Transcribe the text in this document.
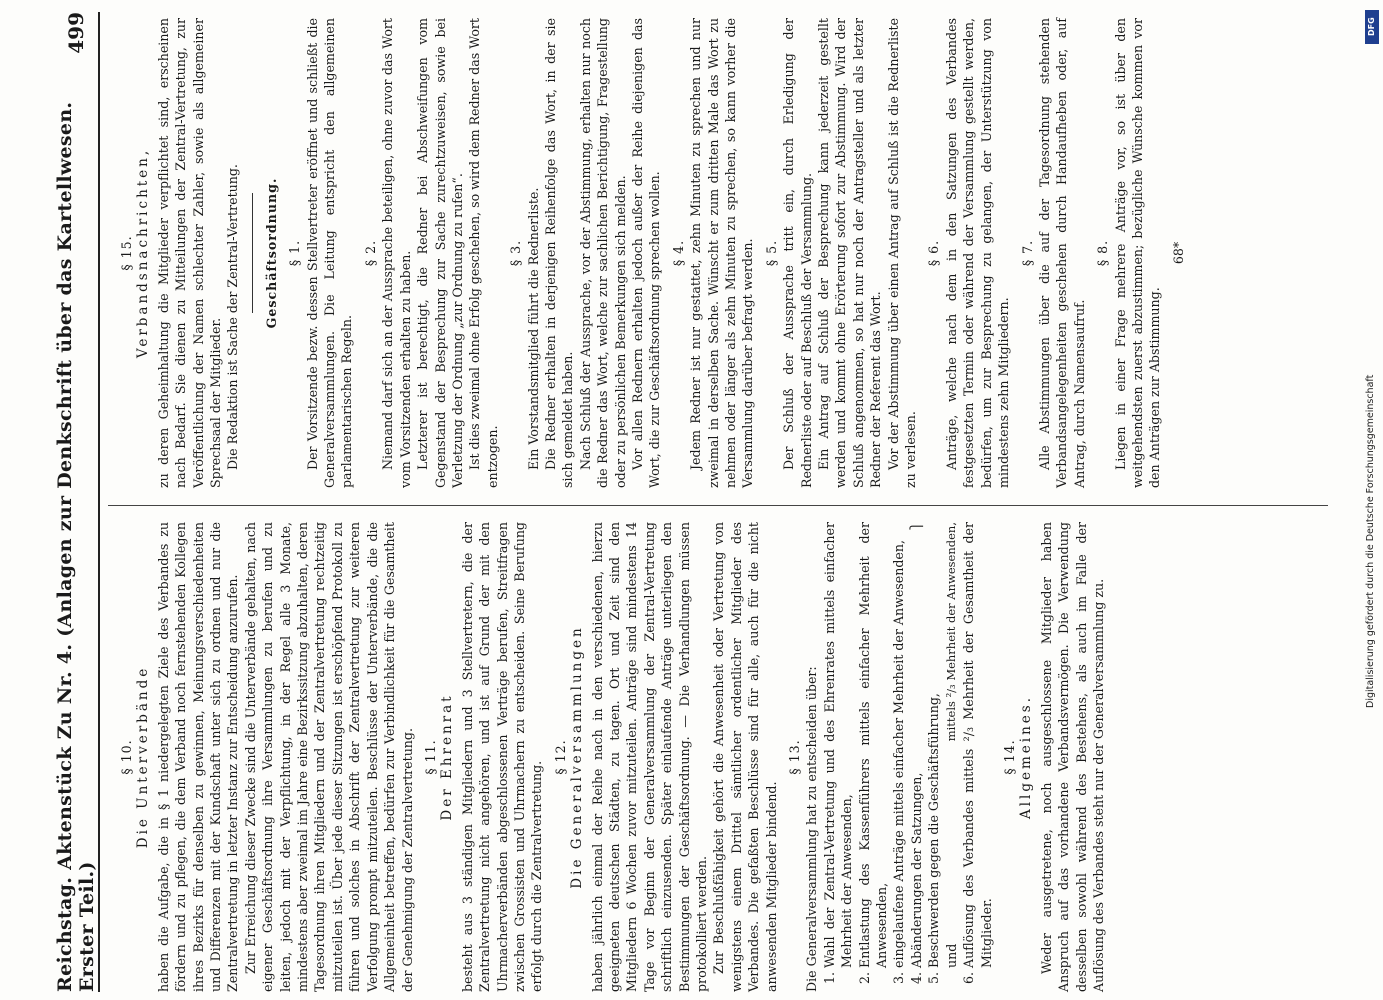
Reichstag. Aktenstück Zu Nr. 4. (Anlagen zur Denkschrift über das Kartellwesen. Erster Teil.)
499
§ 10. Die Unterverbände haben die Aufgabe, die in § 1 niedergelegten Ziele des Verbandes zu fördern und zu pflegen, die dem Verband noch fernstehenden Kollegen ihres Bezirks für denselben zu gewinnen, Meinungsverschiedenheiten und Differenzen mit der Kundschaft unter sich zu ordnen und nur die Zentralvertretung in letzter Instanz zur Entscheidung anzurufen. Zur Erreichung dieser Zwecke sind die Unterverbände gehalten, nach eigener Geschäftsordnung ihre Versammlungen zu berufen und zu leiten, jedoch mit der Verpflichtung, in der Regel alle 3 Monate, mindestens aber zweimal im Jahre eine Bezirkssitzung abzuhalten, deren Tagesordnung ihren Mitgliedern und der Zentralvertretung rechtzeitig mitzuteilen ist. Über jede dieser Sitzungen ist erschöpfend Protokoll zu führen und solches in Abschrift der Zentralvertretung zur weiteren Verfolgung prompt mitzuteilen. Beschlüsse der Unterverbände, die die Allgemeinheit betreffen, bedürfen zur Verbindlichkeit für die Gesamtheit der Genehmigung der Zentralvertretung. § 11. Der Ehrenrat besteht aus 3 ständigen Mitgliedern und 3 Stellvertretern, die der Zentralvertretung nicht angehören, und ist auf Grund der mit den Uhrmacherverbänden abgeschlossenen Verträge berufen, Streitfragen zwischen Grossisten und Uhrmachern zu entscheiden. Seine Berufung erfolgt durch die Zentralvertretung.

§ 12. Die Generalversammlungen haben jährlich einmal der Reihe nach in den verschiedenen, hierzu geeigneten deutschen Städten, zu tagen. Ort und Zeit sind den Mitgliedern 6 Wochen zuvor mitzuteilen. Anträge sind mindestens 14 Tage vor Beginn der Generalversammlung der Zentral-Vertretung schriftlich einzusenden. Später einlaufende Anträge unterliegen den Bestimmungen der Geschäftsordnung. — Die Verhandlungen müssen protokolliert werden. Zur Beschlußfähigkeit gehört die Anwesenheit oder Vertretung von wenigstens einem Drittel sämtlicher ordentlicher Mitglieder des Verbandes. Die gefaßten Beschlüsse sind für alle, auch für die nicht anwesenden Mitglieder bindend.

§ 13. Die Generalversammlung hat zu entscheiden über: 1. Wahl der Zentral-Vertretung und des Ehrenrates mittels einfacher Mehrheit der Anwesenden, 2. Entlastung des Kassenführers mittels einfacher Mehrheit der Anwesenden, 3. eingelaufene Anträge mittels einfacher Mehrheit der Anwesenden, 4. Abänderungen der Satzungen,
⎫
5. Beschwerden gegen die Geschäftsführung,
mittels ²/₃ Mehrheit der Anwesenden,
und 6. Auflösung des Verbandes mittels ²/₃ Mehrheit der Gesamtheit der Mitglieder.
§ 14. Allgemeines. Weder ausgetretene, noch ausgeschlossene Mitglieder haben Anspruch auf das vorhandene Verbandsvermögen. Die Verwendung desselben sowohl während des Bestehens, als auch im Falle der Auflösung des Verbandes steht nur der Generalversammlung zu.

§ 15. Verbandsnachrichten, zu deren Geheimhaltung die Mitglieder verpflichtet sind, erscheinen nach Bedarf. Sie dienen zu Mitteilungen der Zentral-Vertretung, zur Veröffentlichung der Namen schlechter Zahler, sowie als allgemeiner Sprechsaal der Mitglieder. Die Redaktion ist Sache der Zentral-Vertretung. Geschäftsordnung. § 1. Der Vorsitzende bezw. dessen Stellvertreter eröffnet und schließt die Generalversammlungen. Die Leitung entspricht den allgemeinen parlamentarischen Regeln.

§ 2. Niemand darf sich an der Aussprache beteiligen, ohne zuvor das Wort vom Vorsitzenden erhalten zu haben. Letzterer ist berechtigt, die Redner bei Abschweifungen vom Gegenstand der Besprechung zur Sache zurechtzuweisen, sowie bei Verletzung der Ordnung „zur Ordnung zu rufen“. Ist dies zweimal ohne Erfolg geschehen, so wird dem Redner das Wort entzogen.

§ 3. Ein Vorstandsmitglied führt die Rednerliste. Die Redner erhalten in derjenigen Reihenfolge das Wort, in der sie sich gemeldet haben. Nach Schluß der Aussprache, vor der Abstimmung, erhalten nur noch die Redner das Wort, welche zur sachlichen Berichtigung, Fragestellung oder zu persönlichen Bemerkungen sich melden. Vor allen Rednern erhalten jedoch außer der Reihe diejenigen das Wort, die zur Geschäftsordnung sprechen wollen. § 4. Jedem Redner ist nur gestattet, zehn Minuten zu sprechen und nur zweimal in derselben Sache. Wünscht er zum dritten Male das Wort zu nehmen oder länger als zehn Minuten zu sprechen, so kann vorher die Versammlung darüber befragt werden. § 5. Der Schluß der Aussprache tritt ein, durch Erledigung der Rednerliste oder auf Beschluß der Versammlung. Ein Antrag auf Schluß der Besprechung kann jederzeit gestellt werden und kommt ohne Erörterung sofort zur Abstimmung. Wird der Schluß angenommen, so hat nur noch der Antragsteller und als letzter Redner der Referent das Wort. Vor der Abstimmung über einen Antrag auf Schluß ist die Rednerliste zu verlesen.

§ 6. Anträge, welche nach dem in den Satzungen des Verbandes festgesetzten Termin oder während der Versammlung gestellt werden, bedürfen, um zur Besprechung zu gelangen, der Unterstützung von mindestens zehn Mitgliedern.

§ 7. Alle Abstimmungen über die auf der Tagesordnung stehenden Verbandsangelegenheiten geschehen durch Handaufheben oder, auf Antrag, durch Namensaufruf.

§ 8. Liegen in einer Frage mehrere Anträge vor, so ist über den weitgehendsten zuerst abzustimmen; bezügliche Wünsche kommen vor den Anträgen zur Abstimmung.

68*
DFG
Digitalisierung gefördert durch die Deutsche Forschungsgemeinschaft
